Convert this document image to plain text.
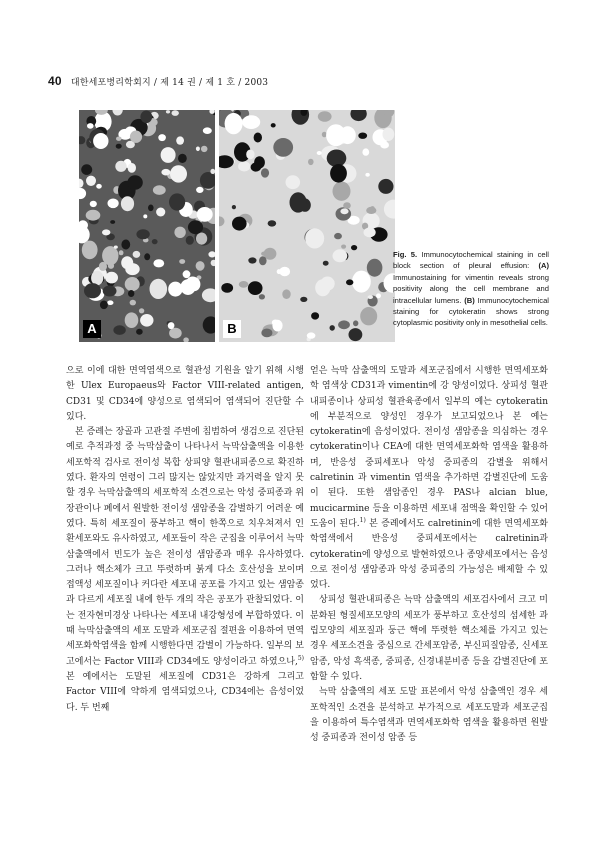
40 대한세포병리학회지 / 제 14 권 / 제 1 호 / 2003
A	B
Fig. 5. Immunocytochemical staining in cell block section of pleural effusion: (A) Immunostaining for vimentin reveals strong positivity along the cell membrane and intracellular lumens. (B) Immunocytochemical staining for cytokeratin shows strong cytoplasmic positivity only in mesothelial cells.

으로 이에 대한 면역염색으로 혈관성 기원을 알기 위해 시행한 Ulex Europaeus와 Factor VIII-related antigen, CD31 및 CD34에 양성으로 염색되어 염색되어 진단할 수 있다.

본 증례는 장골과 고관절 주변에 침범하여 생검으로 진단된 예로 추적과정 중 늑막삼출이 나타나서 늑막삼출액을 이용한 세포학적 검사로 전이성 복합 상피양 혈관내피종으로 확진하였다. 환자의 연령이 그리 많지는 않았지만 과거력을 알지 못할 경우 늑막삼출액의 세포학적 소견으로는 악성 중피종과 위장관이나 폐에서 원발한 전이성 샘암종을 감별하기 어려운 예였다. 특히 세포질이 풍부하고 핵이 한쪽으로 치우쳐져서 인환세포와도 유사하였고, 세포들이 작은 군집을 이루어서 늑막삼출액에서 빈도가 높은 전이성 샘암종과 매우 유사하였다. 그러나 핵소체가 크고 뚜렷하며 붉게 다소 호산성을 보이며 접액성 세포질이나 커다란 세포내 공포를 가지고 있는 샘암종과 다르게 세포질 내에 한두 개의 작은 공포가 관찰되었다. 이는 전자현미경상 나타나는 세포내 내강형성에 부합하였다. 이때 늑막삼출액의 세포 도말과 세포군집 절편을 이용하여 면역세포화학염색을 함께 시행한다면 감별이 가능하다. 일부의 보고에서는 Factor VIII과 CD34에도 양성이라고 하였으나,$^{5)}$ 본 예에서는 도말된 세포질에 CD31은 강하게 그리고 Factor VIII에 약하게 염색되었으나, CD34에는 음성이었다. 두 번째

얻은 늑막 삼출액의 도말과 세포군집에서 시행한 면역세포화학 염색상 CD31과 vimentin에 강 양성이었다. 상피성 혈관내피종이나 상피성 혈관육종에서 일부의 예는 cytokeratin에 부분적으로 양성인 경우가 보고되었으나 본 예는 cytokeratin에 음성이었다. 전이성 샘암종을 의심하는 경우 cytokeratin이나 CEA에 대한 면역세포화학 염색을 활용하며, 반응성 중피세포나 악성 중피종의 감별을 위해서 calretinin 과 vimentin 염색을 추가하면 감별진단에 도움이 된다. 또한 샘암종인 경우 PAS나 alcian blue, mucicarmine 등을 이용하면 세포내 점액을 확인할 수 있어 도움이 된다.$^{1)}$ 본 증례에서도 calretinin에 대한 면역세포화학염색에서 반응성 중피세포에서는 calretinin과 cytokeratin에 양성으로 발현하였으나 종양세포에서는 음성으로 전이성 샘암종과 악성 중피종의 가능성은 배제할 수 있었다.

상피성 혈관내피종은 늑막 삼출액의 세포검사에서 크고 미분화된 형질세포모양의 세포가 풍부하고 호산성의 섬세한 과립모양의 세포질과 둥근 핵에 뚜렷한 핵소체를 가지고 있는 경우 세포소견을 중심으로 간세포암종, 부신피질암종, 신세포암종, 악성 흑색종, 중피종, 신경내분비종 등을 감별진단에 포함할 수 있다.

늑막 삼출액의 세포 도말 표본에서 악성 삼출액인 경우 세포학적인 소견을 분석하고 부가적으로 세포도말과 세포군집을 이용하여 특수염색과 면역세포화학 염색을 활용하면 원발성 중피종과 전이성 암종 등
